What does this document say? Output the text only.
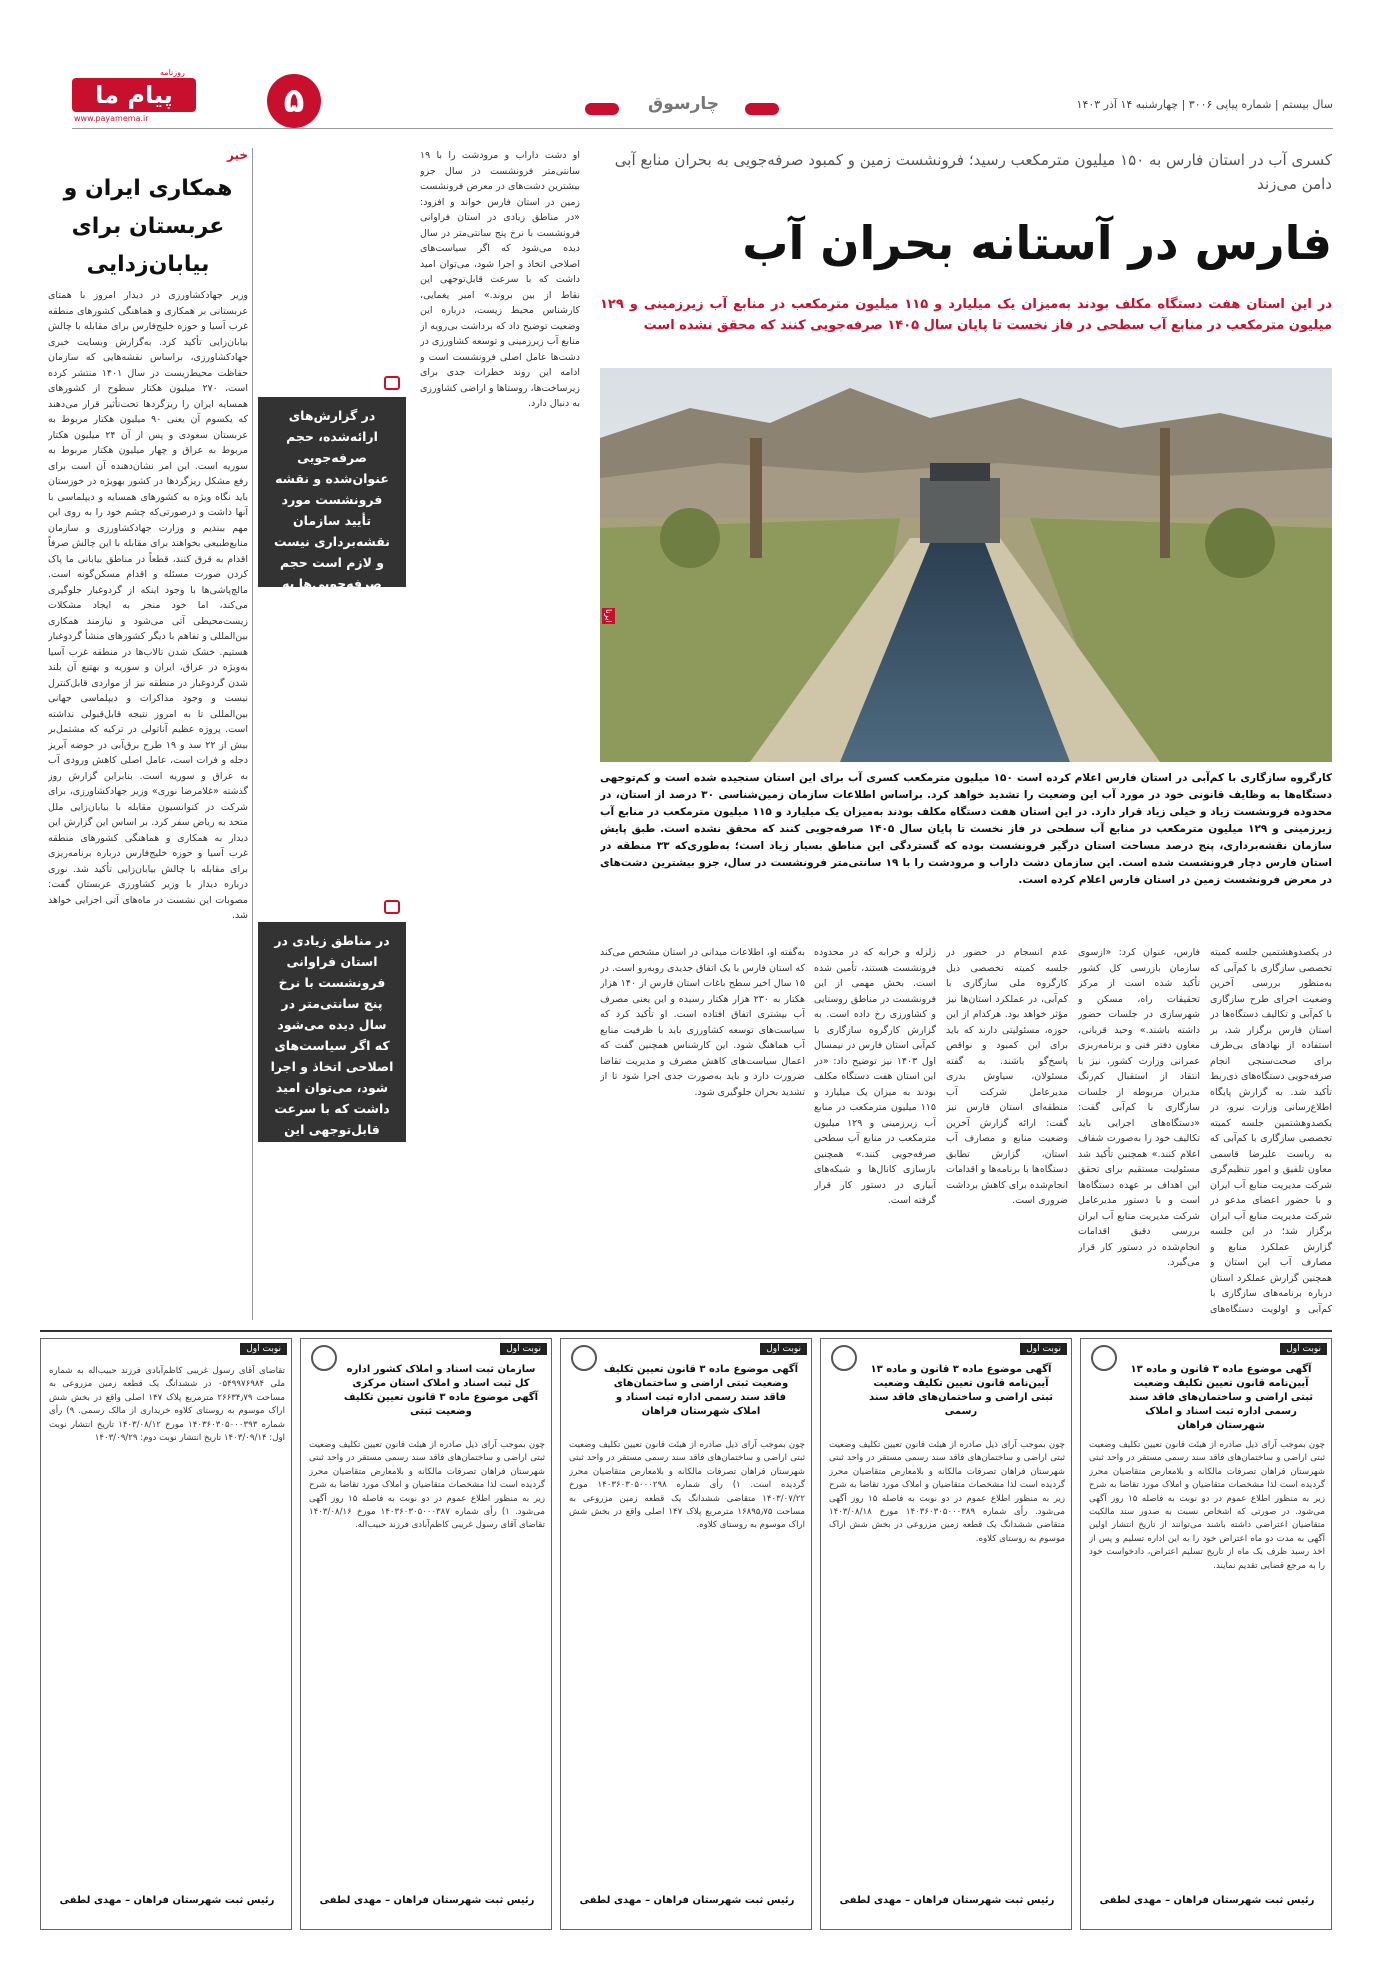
روزنامه
پیام ما
www.payamema.ir	۵	چارسوق	سال بیستم | شماره پیاپی ۳۰۰۶ | چهارشنبه ۱۴ آذر ۱۴۰۳
کسری آب در استان فارس به ۱۵۰ میلیون مترمکعب رسید؛ فرونشست زمین و کمبود صرفه‌جویی به بحران منابع آبی دامن می‌زند
فارس در آستانه بحران آب
در این استان هفت دستگاه مکلف بودند به‌میزان یک میلیارد و ۱۱۵ میلیون مترمکعب در منابع آب زیرزمینی و ۱۲۹ میلیون مترمکعب در منابع آب سطحی در فاز نخست تا پایان سال ۱۴۰۵ صرفه‌جویی کنند که محقق نشده است
ایرنا
کارگروه سازگاری با کم‌آبی در استان فارس اعلام کرده است ۱۵۰ میلیون مترمکعب کسری آب برای این استان سنجیده شده است و کم‌توجهی دستگاه‌ها به وظایف قانونی خود در مورد آب این وضعیت را تشدید خواهد کرد. براساس اطلاعات سازمان زمین‌شناسی ۳۰ درصد از استان، در محدوده فرونشست زیاد و خیلی زیاد قرار دارد. در این استان هفت دستگاه مکلف بودند به‌میزان یک میلیارد و ۱۱۵ میلیون مترمکعب در منابع آب زیرزمینی و ۱۲۹ میلیون مترمکعب در منابع آب سطحی در فاز نخست تا پایان سال ۱۴۰۵ صرفه‌جویی کنند که محقق نشده است. طبق پایش سازمان نقشه‌برداری، پنج درصد مساحت استان درگیر فرونشست بوده که گستردگی این مناطق بسیار زیاد است؛ به‌طوری‌که ۳۳ منطقه در استان فارس دچار فرونشست شده است. این سازمان دشت داراب و مرودشت را با ۱۹ سانتی‌متر فرونشست در سال، جزو بیشترین دشت‌های در معرض فرونشست زمین در استان فارس اعلام کرده است.
در یکصدوهشتمین جلسه کمیته تخصصی سازگاری با کم‌آبی که به‌منظور بررسی آخرین وضعیت اجرای طرح سازگاری با کم‌آبی و تکالیف دستگاه‌ها در استان فارس برگزار شد، بر استفاده از نهادهای بی‌طرف برای صحت‌سنجی انجام صرفه‌جویی دستگاه‌های ذی‌ربط تأکید شد. به گزارش پایگاه اطلاع‌رسانی وزارت نیرو، در یکصدوهشتمین جلسه کمیته تخصصی سازگاری با کم‌آبی که به ریاست علیرضا قاسمی معاون تلفیق و امور تنظیم‌گری شرکت مدیریت منابع آب ایران و با حضور اعضای مدعو در شرکت مدیریت منابع آب ایران برگزار شد؛ در این جلسه گزارش عملکرد منابع و مصارف آب این استان و همچنین گزارش عملکرد استان درباره برنامه‌های سازگاری با کم‌آبی و اولویت دستگاه‌های
فارس، عنوان کرد: «ازسوی سازمان بازرسی کل کشور تأکید شده است از مرکز تحقیقات راه، مسکن و شهرسازی در جلسات حضور داشته باشند.» وحید قربانی، معاون دفتر فنی و برنامه‌ریزی عمرانی وزارت کشور، نیز با انتقاد از استقبال کم‌رنگ مدیران مربوطه از جلسات سازگاری با کم‌آبی گفت: «دستگاه‌های اجرایی باید تکالیف خود را به‌صورت شفاف اعلام کنند.» همچنین تأکید شد مسئولیت مستقیم برای تحقق این اهداف بر عهده دستگاه‌ها است و با دستور مدیرعامل شرکت مدیریت منابع آب ایران بررسی دقیق اقدامات انجام‌شده در دستور کار قرار می‌گیرد.
عدم انسجام در حضور در جلسه کمیته تخصصی ذیل کارگروه ملی سازگاری با کم‌آبی، در عملکرد استان‌ها نیز مؤثر خواهد بود. هرکدام از این حوزه، مسئولیتی دارند که باید برای این کمبود و نواقص پاسخ‌گو باشند. به گفته مسئولان، سیاوش بدری مدیرعامل شرکت آب منطقه‌ای استان فارس نیز گفت: ارائه گزارش آخرین وضعیت منابع و مصارف آب استان، گزارش تطابق دستگاه‌ها با برنامه‌ها و اقدامات انجام‌شده برای کاهش برداشت ضروری است.
زلزله و خرابه که در محدوده فرونشست هستند، تأمین شده است. بخش مهمی از این فرونشست در مناطق روستایی و کشاورزی رخ داده است. به گزارش کارگروه سازگاری با کم‌آبی استان فارس در نیمسال اول ۱۴۰۳ نیز توضیح داد: «در این استان هفت دستگاه مکلف بودند به میزان یک میلیارد و ۱۱۵ میلیون مترمکعب در منابع آب زیرزمینی و ۱۲۹ میلیون مترمکعب در منابع آب سطحی صرفه‌جویی کنند.» همچنین بازسازی کانال‌ها و شبکه‌های آبیاری در دستور کار قرار گرفته است.
او دشت داراب و مرودشت را با ۱۹ سانتی‌متر فرونشست در سال جزو بیشترین دشت‌های در معرض فرونشست زمین در استان فارس خواند و افزود: «در مناطق زیادی در استان فراوانی فرونشست با نرخ پنج سانتی‌متر در سال دیده می‌شود که اگر سیاست‌های اصلاحی اتخاذ و اجرا شود، می‌توان امید داشت که با سرعت قابل‌توجهی این نقاط از بین بروند.» امیر یغمایی، کارشناس محیط زیست، درباره این وضعیت توضیح داد که برداشت بی‌رویه از منابع آب زیرزمینی و توسعه کشاورزی در دشت‌ها عامل اصلی فرونشست است و ادامه این روند خطرات جدی برای زیرساخت‌ها، روستاها و اراضی کشاورزی به دنبال دارد.
به‌گفته او، اطلاعات میدانی در استان مشخص می‌کند که استان فارس با یک اتفاق جدیدی روبه‌رو است. در ۱۵ سال اخیر سطح باغات استان فارس از ۱۴۰ هزار هکتار به ۲۳۰ هزار هکتار رسیده و این یعنی مصرف آب بیشتری اتفاق افتاده است. او تأکید کرد که سیاست‌های توسعه کشاورزی باید با ظرفیت منابع آب هماهنگ شود. این کارشناس همچنین گفت که اعمال سیاست‌های کاهش مصرف و مدیریت تقاضا ضرورت دارد و باید به‌صورت جدی اجرا شود تا از تشدید بحران جلوگیری شود.
در گزارش‌های ارائه‌شده، حجم صرفه‌جویی عنوان‌شده و نقشه فرونشست مورد تأیید سازمان نقشه‌برداری نیست و لازم است حجم صرفه‌جویی‌ها به تفکیک مناطق فرونشست در گزارش کارگروه‌ها استفاده شود
در مناطق زیادی در استان فراوانی فرونشست با نرخ پنج سانتی‌متر در سال دیده می‌شود که اگر سیاست‌های اصلاحی اتخاذ و اجرا شود، می‌توان امید داشت که با سرعت قابل‌توجهی این نقاط از بین بروند
خبر
همکاری ایران و عربستان برای بیابان‌زدایی
وزیر جهادکشاورزی در دیدار امروز با همتای عربستانی بر همکاری و هماهنگی کشورهای منطقه غرب آسیا و حوزه خلیج‌فارس برای مقابله با چالش بیابان‌زایی تأکید کرد. به‌گزارش وبسایت خبری جهادکشاورزی، براساس نقشه‌هایی که سازمان حفاظت محیط‌زیست در سال ۱۴۰۱ منتشر کرده است، ۲۷۰ میلیون هکتار سطوح از کشورهای همسایه ایران را ریزگردها تحت‌تأثیر قرار می‌دهند که یکسوم آن یعنی ۹۰ میلیون هکتار مربوط به عربستان سعودی و پس از آن ۲۴ میلیون هکتار مربوط به عراق و چهار میلیون هکتار مربوط به سوریه است. این امر نشان‌دهنده آن است برای رفع مشکل ریزگردها در کشور بهویژه در خوزستان باید نگاه ویژه به کشورهای همسایه و دیپلماسی با آنها داشت و درصورتی‌که چشم خود را به روی این مهم ببندیم و وزارت جهادکشاورزی و سازمان منابع‌طبیعی بخواهند برای مقابله با این چالش صرفاً اقدام به قرق کنند، قطعاً در مناطق بیابانی ما پاک کردن صورت مسئله و اقدام مسکن‌گونه است. مالچ‌پاشی‌ها با وجود اینکه از گردوغبار جلوگیری می‌کند، اما خود منجر به ایجاد مشکلات زیست‌محیطی آتی می‌شود و نیازمند همکاری بین‌المللی و تفاهم با دیگر کشورهای منشأ گردوغبار هستیم. خشک شدن تالاب‌ها در منطقه غرب آسیا به‌ویژه در عراق، ایران و سوریه و بهتبع آن بلند شدن گردوغبار در منطقه نیز از مواردی قابل‌کنترل نیست و وجود مذاکرات و دیپلماسی جهانی بین‌المللی تا به امروز نتیجه قابل‌قبولی نداشته است. پروژه عظیم آناتولی در ترکیه که مشتمل‌بر بیش از ۲۲ سد و ۱۹ طرح برق‌آبی در حوضه آبریز دجله و فرات است، عامل اصلی کاهش ورودی آب به عراق و سوریه است. بنابراین گزارش روز گذشته «غلامرضا نوری» وزیر جهادکشاورزی، برای شرکت در کنوانسیون مقابله با بیابان‌زایی ملل متحد به ریاض سفر کرد. بر اساس این گزارش این دیدار به همکاری و هماهنگی کشورهای منطقه غرب آسیا و حوزه خلیج‌فارس درباره برنامه‌ریزی برای مقابله با چالش بیابان‌زایی تأکید شد. نوری درباره دیدار با وزیر کشاورزی عربستان گفت: مصوبات این نشست در ماه‌های آتی اجرایی خواهد شد.
نوبت اول
آگهی موضوع ماده ۳ قانون و ماده ۱۳ آیین‌نامه قانون تعیین تکلیف وضعیت ثبتی اراضی و ساختمان‌های فاقد سند رسمی اداره ثبت اسناد و املاک شهرستان فراهان
چون بموجب آرای ذیل صادره از هیئت قانون تعیین تکلیف وضعیت ثبتی اراضی و ساختمان‌های فاقد سند رسمی مستقر در واحد ثبتی شهرستان فراهان تصرفات مالکانه و بلامعارض متقاضیان محرز گردیده است لذا مشخصات متقاضیان و املاک مورد تقاضا به شرح زیر به منظور اطلاع عموم در دو نوبت به فاصله ۱۵ روز آگهی می‌شود. در صورتی که اشخاص نسبت به صدور سند مالکیت متقاضیان اعتراضی داشته باشند می‌توانند از تاریخ انتشار اولین آگهی به مدت دو ماه اعتراض خود را به این اداره تسلیم و پس از اخذ رسید ظرف یک ماه از تاریخ تسلیم اعتراض، دادخواست خود را به مرجع قضایی تقدیم نمایند.
رئیس ثبت شهرستان فراهان – مهدی لطفی
نوبت اول
آگهی موضوع ماده ۳ قانون و ماده ۱۳ آیین‌نامه قانون تعیین تکلیف وضعیت ثبتی اراضی و ساختمان‌های فاقد سند رسمی
چون بموجب آرای ذیل صادره از هیئت قانون تعیین تکلیف وضعیت ثبتی اراضی و ساختمان‌های فاقد سند رسمی مستقر در واحد ثبتی شهرستان فراهان تصرفات مالکانه و بلامعارض متقاضیان محرز گردیده است لذا مشخصات متقاضیان و املاک مورد تقاضا به شرح زیر به منظور اطلاع عموم در دو نوبت به فاصله ۱۵ روز آگهی می‌شود. رأی شماره ۱۴۰۳۶۰۳۰۵۰۰۰۳۸۹ مورخ ۱۴۰۳/۰۸/۱۸ متقاضی ششدانگ یک قطعه زمین مزروعی در بخش شش اراک موسوم به روستای کلاوه.
رئیس ثبت شهرستان فراهان – مهدی لطفی
نوبت اول
آگهی موضوع ماده ۳ قانون تعیین تکلیف وضعیت ثبتی اراضی و ساختمان‌های فاقد سند رسمی اداره ثبت اسناد و املاک شهرستان فراهان
چون بموجب آرای ذیل صادره از هیئت قانون تعیین تکلیف وضعیت ثبتی اراضی و ساختمان‌های فاقد سند رسمی مستقر در واحد ثبتی شهرستان فراهان تصرفات مالکانه و بلامعارض متقاضیان محرز گردیده است. ۱) رأی شماره ۱۴۰۳۶۰۳۰۵۰۰۰۲۹۸ مورخ ۱۴۰۳/۰۷/۲۲ متقاضی ششدانگ یک قطعه زمین مزروعی به مساحت ۱۶۸۹۵٫۷۵ مترمربع پلاک ۱۴۷ اصلی واقع در بخش شش اراک موسوم به روستای کلاوه.
رئیس ثبت شهرستان فراهان – مهدی لطفی
نوبت اول
سازمان ثبت اسناد و املاک کشور اداره کل ثبت اسناد و املاک استان مرکزی آگهی موضوع ماده ۳ قانون تعیین تکلیف وضعیت ثبتی
چون بموجب آرای ذیل صادره از هیئت قانون تعیین تکلیف وضعیت ثبتی اراضی و ساختمان‌های فاقد سند رسمی مستقر در واحد ثبتی شهرستان فراهان تصرفات مالکانه و بلامعارض متقاضیان محرز گردیده است لذا مشخصات متقاضیان و املاک مورد تقاضا به شرح زیر به منظور اطلاع عموم در دو نوبت به فاصله ۱۵ روز آگهی می‌شود. ۱) رأی شماره ۱۴۰۳۶۰۳۰۵۰۰۰۳۸۷ مورخ ۱۴۰۳/۰۸/۱۶ تقاضای آقای رسول غریبی کاظم‌آبادی فرزند حبیب‌اله.
رئیس ثبت شهرستان فراهان – مهدی لطفی
نوبت اول
تقاضای آقای رسول غریبی کاظم‌آبادی فرزند حبیب‌اله به شماره ملی ۰۵۴۹۹۷۶۹۸۴ در ششدانگ یک قطعه زمین مزروعی به مساحت ۲۶۶۳۴٫۷۹ مترمربع پلاک ۱۴۷ اصلی واقع در بخش شش اراک موسوم به روستای کلاوه خریداری از مالک رسمی. ۹) رأی شماره ۱۴۰۳۶۰۳۰۵۰۰۰۳۹۳ مورخ ۱۴۰۳/۰۸/۱۲ تاریخ انتشار نوبت اول: ۱۴۰۳/۰۹/۱۴ تاریخ انتشار نوبت دوم: ۱۴۰۳/۰۹/۲۹
رئیس ثبت شهرستان فراهان – مهدی لطفی
